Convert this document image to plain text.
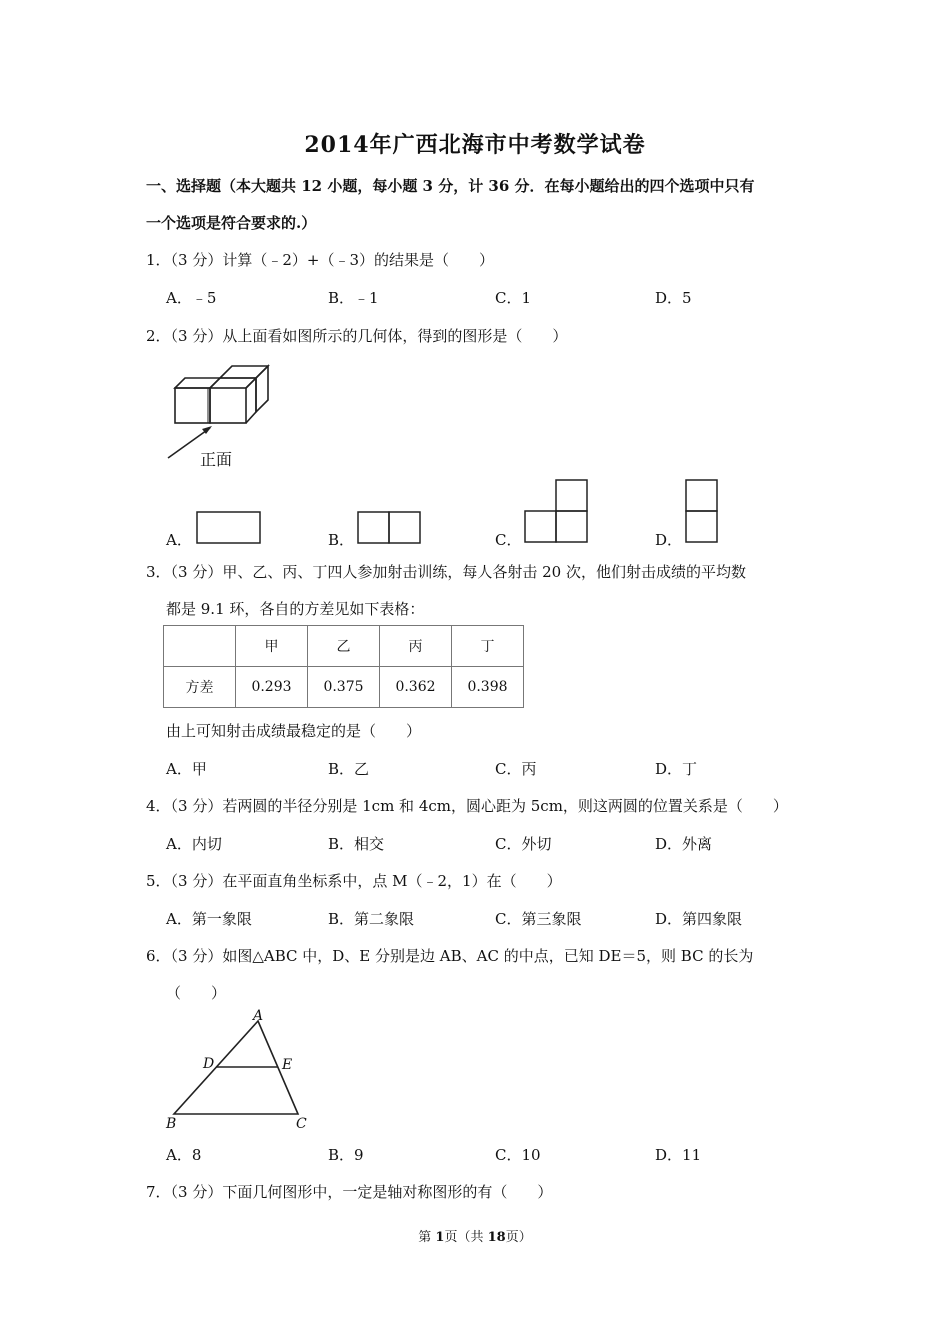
2014年广西北海市中考数学试卷
一、选择题（本大题共 12 小题，每小题 3 分，计 36 分．在每小题给出的四个选项中只有
一个选项是符合要求的.）
1．（3 分）计算（﹣2）+（﹣3）的结果是（　　）
A．﹣5	B．﹣1	C．1	D．5
2．（3 分）从上面看如图所示的几何体，得到的图形是（　　）
正面
A．	B．	C．	D．
3．（3 分）甲、乙、丙、丁四人参加射击训练，每人各射击 20 次，他们射击成绩的平均数
都是 9.1 环，各自的方差见如下表格：
	甲	乙	丙	丁
方差	0.293	0.375	0.362	0.398
由上可知射击成绩最稳定的是（　　）
A．甲	B．乙	C．丙	D．丁
4．（3 分）若两圆的半径分别是 1cm 和 4cm，圆心距为 5cm，则这两圆的位置关系是（　　）
A．内切	B．相交	C．外切	D．外离
5．（3 分）在平面直角坐标系中，点 M（﹣2，1）在（　　）
A．第一象限	B．第二象限	C．第三象限	D．第四象限
6．（3 分）如图△ABC 中，D、E 分别是边 AB、AC 的中点，已知 DE＝5，则 BC 的长为
（　　）
A
D	E
B	C
A．8	B．9	C．10	D．11
7．（3 分）下面几何图形中，一定是轴对称图形的有（　　）
第 1页（共 18页）
